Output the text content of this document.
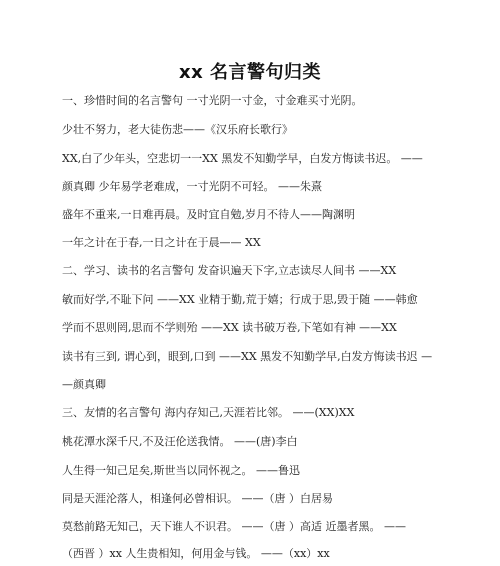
xx 名言警句归类
一、珍惜时间的名言警句 一寸光阴一寸金，寸金难买寸光阴。
少壮不努力，老大徒伤悲——《汉乐府长歌行》
XX,白了少年头，空悲切一一XX 黑发不知勤学早，白发方悔读书迟。 ——
颜真卿 少年易学老难成，一寸光阴不可轻。 ——朱熹
盛年不重来,一日难再晨。及时宜自勉,岁月不待人——陶渊明
一年之计在于春,一日之计在于晨—— XX
二、学习、读书的名言警句 发奋识遍天下字,立志读尽人间书 ——XX
敏而好学,不耻下问 ——XX 业精于勤,荒于嬉；行成于思,毁于随 ——韩愈
学而不思则罔,思而不学则殆 ——XX 读书破万卷,下笔如有神 ——XX
读书有三到, 谓心到，眼到,口到 ——XX 黑发不知勤学早,白发方悔读书迟 —
—颜真卿
三、友情的名言警句 海内存知己,天涯若比邻。 ——(XX)XX
桃花潭水深千尺,不及汪伦送我情。 ——(唐)李白
人生得一知己足矣,斯世当以同怀视之。 ——鲁迅
同是天涯沦落人，相逢何必曾相识。 ——（唐 ）白居易
莫愁前路无知己，天下谁人不识君。 ——（唐 ）高适 近墨者黑。 ——
（西晋 ）xx 人生贵相知，何用金与钱。 ——（xx）xx
